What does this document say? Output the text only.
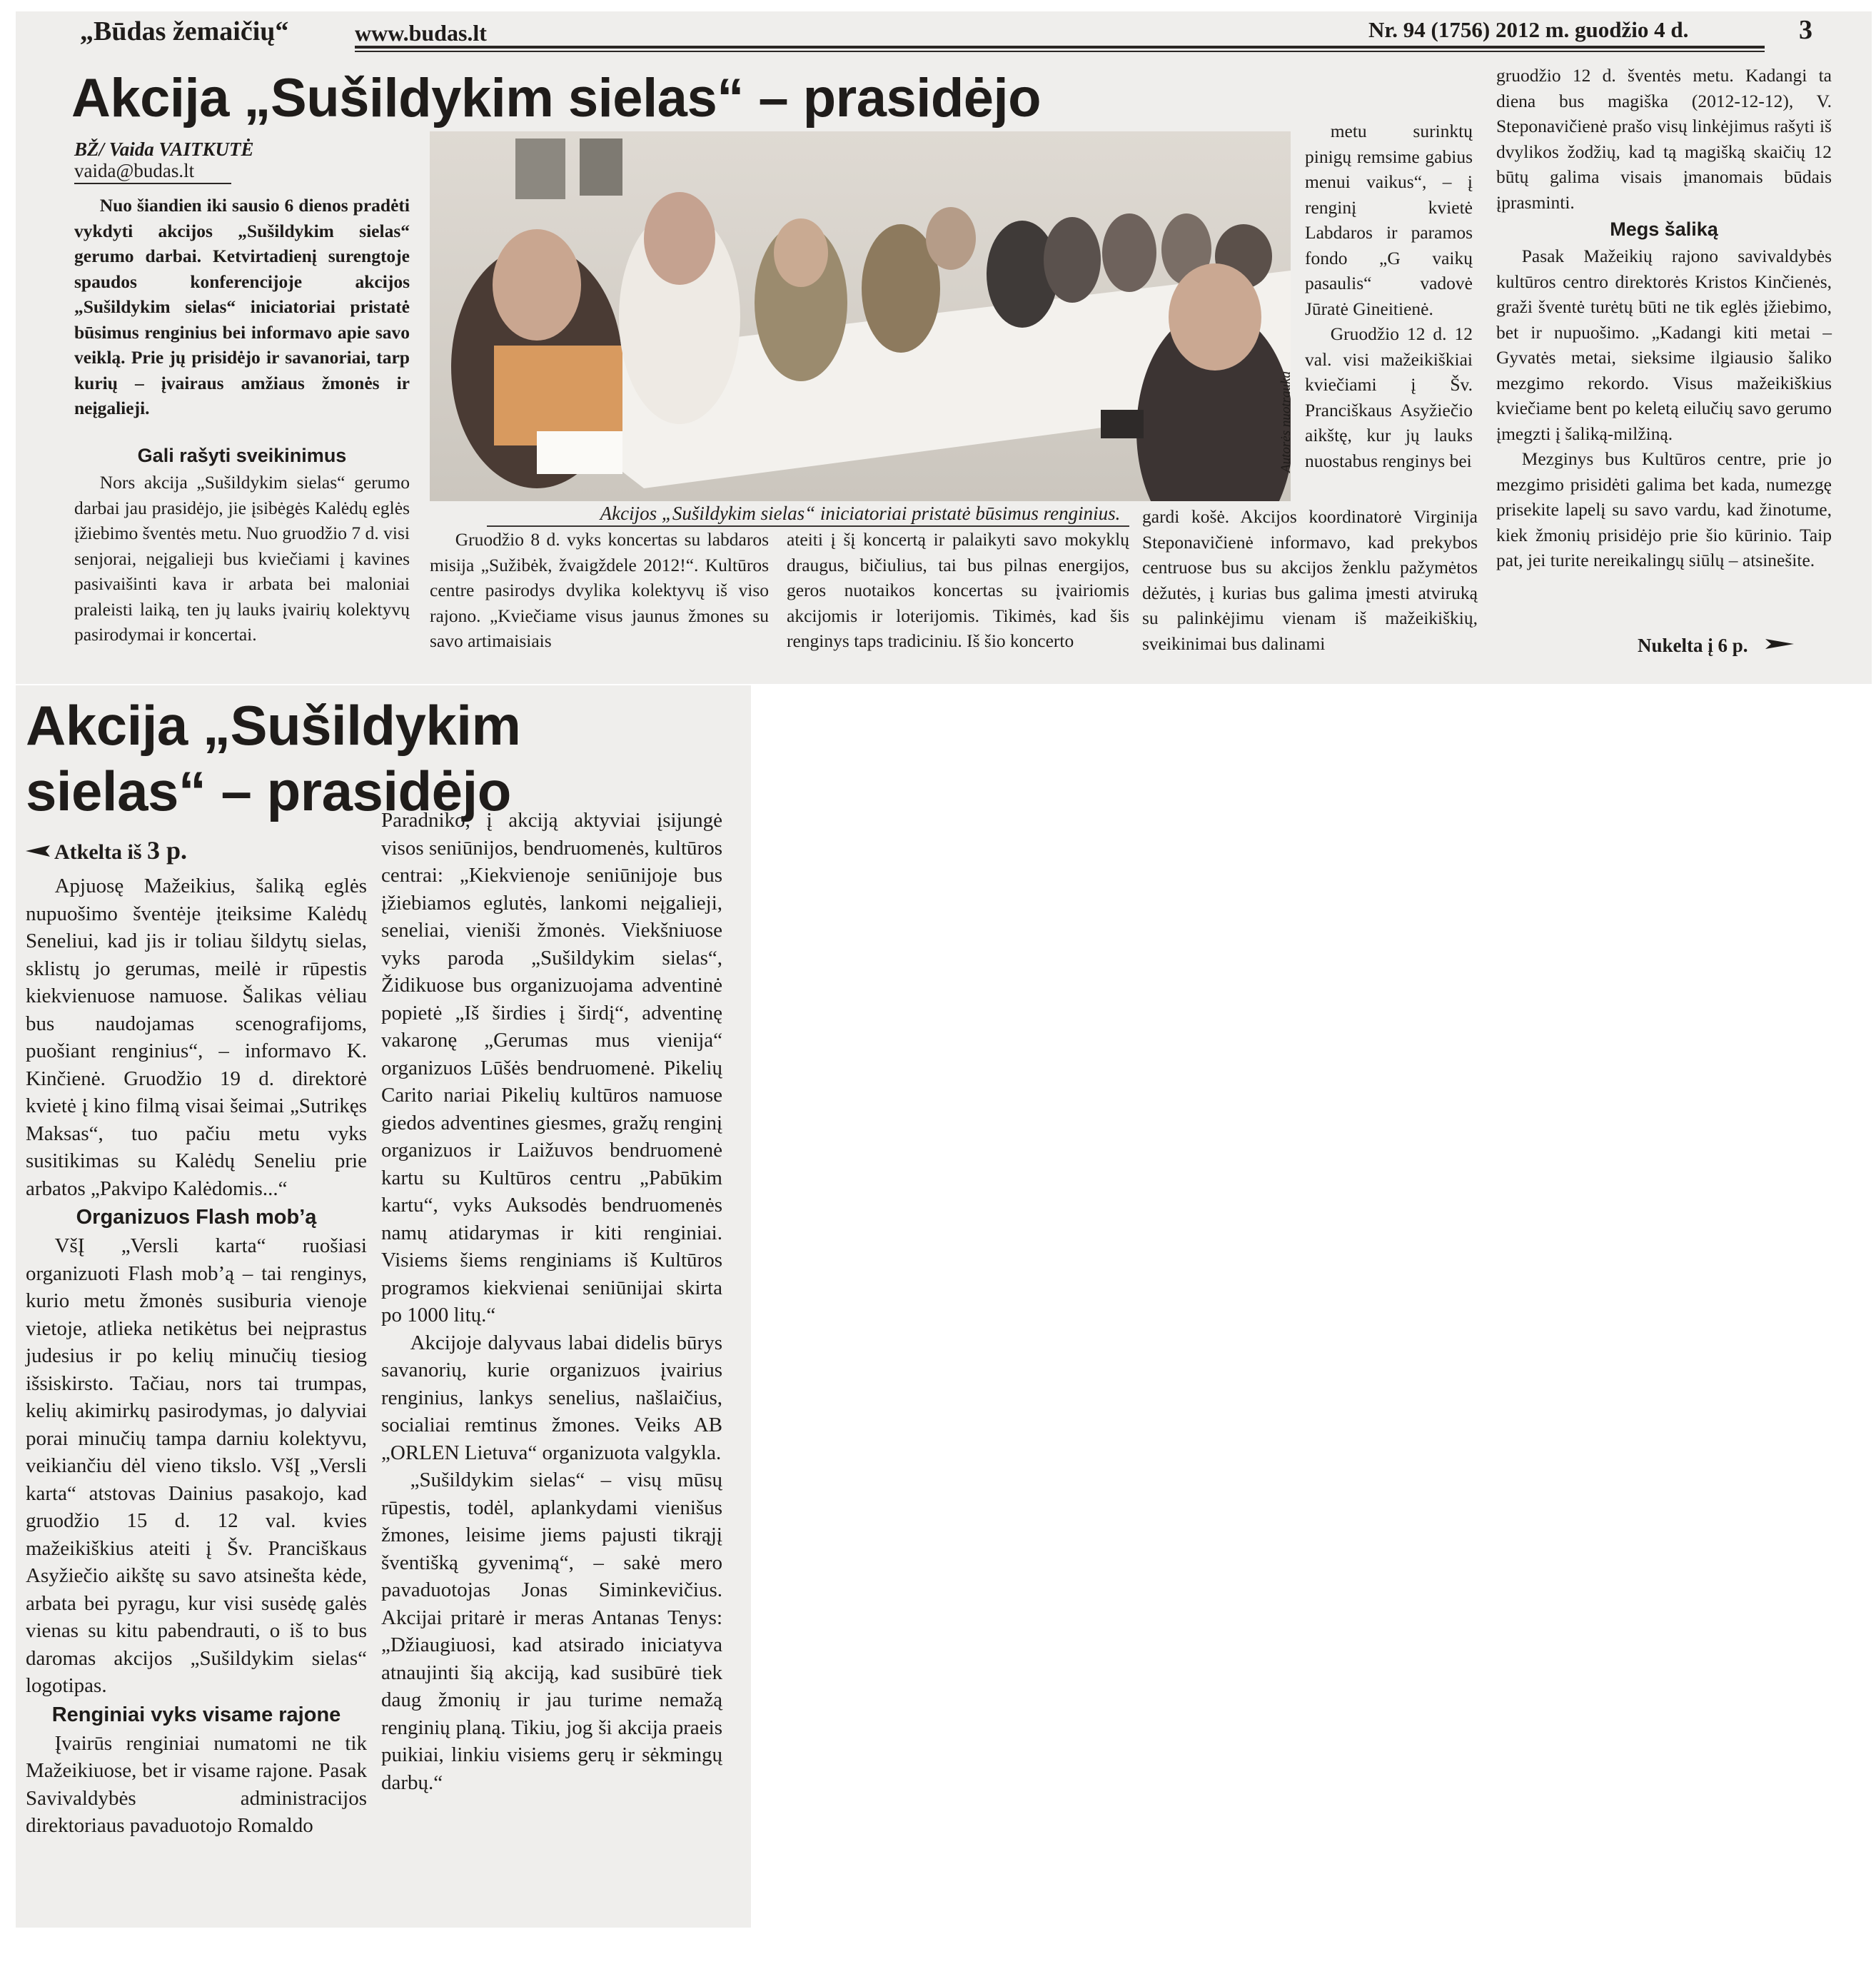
„Būdas žemaičių“	www.budas.lt	Nr. 94 (1756) 2012 m. guodžio 4 d.	3
Akcija „Sušildykim sielas“ – prasidėjo
BŽ/ Vaida VAITKUTĖ
vaida@budas.lt

Nuo šiandien iki sausio 6 dienos pradėti vykdyti akcijos „Sušildykim sielas“ gerumo darbai. Ketvirtadienį surengtoje spaudos konferencijoje akcijos „Sušildykim sielas“ iniciatoriai pristatė būsimus renginius bei informavo apie savo veiklą. Prie jų prisidėjo ir savanoriai, tarp kurių – įvairaus amžiaus žmonės ir neįgalieji.

Gali rašyti sveikinimus

Nors akcija „Sušildykim sielas“ gerumo darbai jau prasidėjo, jie įsibėgės Kalėdų eglės įžiebimo šventės metu. Nuo gruodžio 7 d. visi senjorai, neįgalieji bus kviečiami į kavines pasivaišinti kava ir arbata bei maloniai praleisti laiką, ten jų lauks įvairių kolektyvų pasirodymai ir koncertai.

Autorės nuotrauka
Akcijos „Sušildykim sielas“ iniciatoriai pristatė būsimus renginius.

Gruodžio 8 d. vyks koncertas su labdaros misija „Sužibėk, žvaigždele 2012!“. Kultūros centre pasirodys dvylika kolektyvų iš viso rajono. „Kviečiame visus jaunus žmones su savo artimaisiais

ateiti į šį koncertą ir palaikyti savo mokyklų draugus, bičiulius, tai bus pilnas energijos, geros nuotaikos koncertas su įvairiomis akcijomis ir loterijomis. Tikimės, kad šis renginys taps tradiciniu. Iš šio koncerto

metu surinktų pinigų remsime gabius menui vaikus“, – į renginį kvietė Labdaros ir paramos fondo „G vaikų pasaulis“ vadovė Jūratė Gineitienė.

Gruodžio 12 d. 12 val. visi mažeikiškiai kviečiami į Šv. Pranciškaus Asyžiečio aikštę, kur jų lauks nuostabus renginys bei

gardi košė. Akcijos koordinatorė Virginija Steponavičienė informavo, kad prekybos centruose bus su akcijos ženklu pažymėtos dėžutės, į kurias bus galima įmesti atviruką su palinkėjimu vienam iš mažeikiškių, sveikinimai bus dalinami

gruodžio 12 d. šventės metu. Kadangi ta diena bus magiška (2012-12-12), V. Steponavičienė prašo visų linkėjimus rašyti iš dvylikos žodžių, kad tą magišką skaičių 12 būtų galima visais įmanomais būdais įprasminti.

Megs šaliką

Pasak Mažeikių rajono savivaldybės kultūros centro direktorės Kristos Kinčienės, graži šventė turėtų būti ne tik eglės įžiebimo, bet ir nupuošimo. „Kadangi kiti metai – Gyvatės metai, sieksime ilgiausio šaliko mezgimo rekordo. Visus mažeikiškius kviečiame bent po keletą eilučių savo gerumo įmegzti į šaliką-milžiną.

Mezginys bus Kultūros centre, prie jo mezgimo prisidėti galima bet kada, numezgę prisekite lapelį su savo vardu, kad žinotume, kiek žmonių prisidėjo prie šio kūrinio. Taip pat, jei turite nereikalingų siūlų – atsinešite.

Nukelta į 6 p.
Akcija „Sušildykim
sielas“ – prasidėjo
Atkelta iš 3 p.

Apjuosę Mažeikius, šaliką eglės nupuošimo šventėje įteiksime Kalėdų Seneliui, kad jis ir toliau šildytų sielas, sklistų jo gerumas, meilė ir rūpestis kiekvienuose namuose. Šalikas vėliau bus naudojamas scenografijoms, puošiant renginius“, – informavo K. Kinčienė. Gruodžio 19 d. direktorė kvietė į kino filmą visai šeimai „Sutrikęs Maksas“, tuo pačiu metu vyks susitikimas su Kalėdų Seneliu prie arbatos „Pakvipo Kalėdomis...“

Organizuos Flash mob’ą

VšĮ „Versli karta“ ruošiasi organizuoti Flash mob’ą – tai renginys, kurio metu žmonės susiburia vienoje vietoje, atlieka netikėtus bei neįprastus judesius ir po kelių minučių tiesiog išsiskirsto. Tačiau, nors tai trumpas, kelių akimirkų pasirodymas, jo dalyviai porai minučių tampa darniu kolektyvu, veikiančiu dėl vieno tikslo. VšĮ „Versli karta“ atstovas Dainius pasakojo, kad gruodžio 15 d. 12 val. kvies mažeikiškius ateiti į Šv. Pranciškaus Asyžiečio aikštę su savo atsinešta kėde, arbata bei pyragu, kur visi susėdę galės vienas su kitu pabendrauti, o iš to bus daromas akcijos „Sušildykim sielas“ logotipas.

Renginiai vyks visame rajone

Įvairūs renginiai numatomi ne tik Mažeikiuose, bet ir visame rajone. Pasak Savivaldybės administracijos direktoriaus pavaduotojo Romaldo

Paradniko, į akciją aktyviai įsijungė visos seniūnijos, bendruomenės, kultūros centrai: „Kiekvienoje seniūnijoje bus įžiebiamos eglutės, lankomi neįgalieji, seneliai, vieniši žmonės. Viekšniuose vyks paroda „Sušildykim sielas“, Židikuose bus organizuojama adventinė popietė „Iš širdies į širdį“, adventinę vakaronę „Gerumas mus vienija“ organizuos Lūšės bendruomenė. Pikelių Carito nariai Pikelių kultūros namuose giedos adventines giesmes, gražų renginį organizuos ir Laižuvos bendruomenė kartu su Kultūros centru „Pabūkim kartu“, vyks Auksodės bendruomenės namų atidarymas ir kiti renginiai. Visiems šiems renginiams iš Kultūros programos kiekvienai seniūnijai skirta po 1000 litų.“

Akcijoje dalyvaus labai didelis būrys savanorių, kurie organizuos įvairius renginius, lankys senelius, našlaičius, socialiai remtinus žmones. Veiks AB „ORLEN Lietuva“ organizuota valgykla.

„Sušildykim sielas“ – visų mūsų rūpestis, todėl, aplankydami vienišus žmones, leisime jiems pajusti tikrąjį šventišką gyvenimą“, – sakė mero pavaduotojas Jonas Siminkevičius. Akcijai pritarė ir meras Antanas Tenys: „Džiaugiuosi, kad atsirado iniciatyva atnaujinti šią akciją, kad susibūrė tiek daug žmonių ir jau turime nemažą renginių planą. Tikiu, jog ši akcija praeis puikiai, linkiu visiems gerų ir sėkmingų darbų.“
